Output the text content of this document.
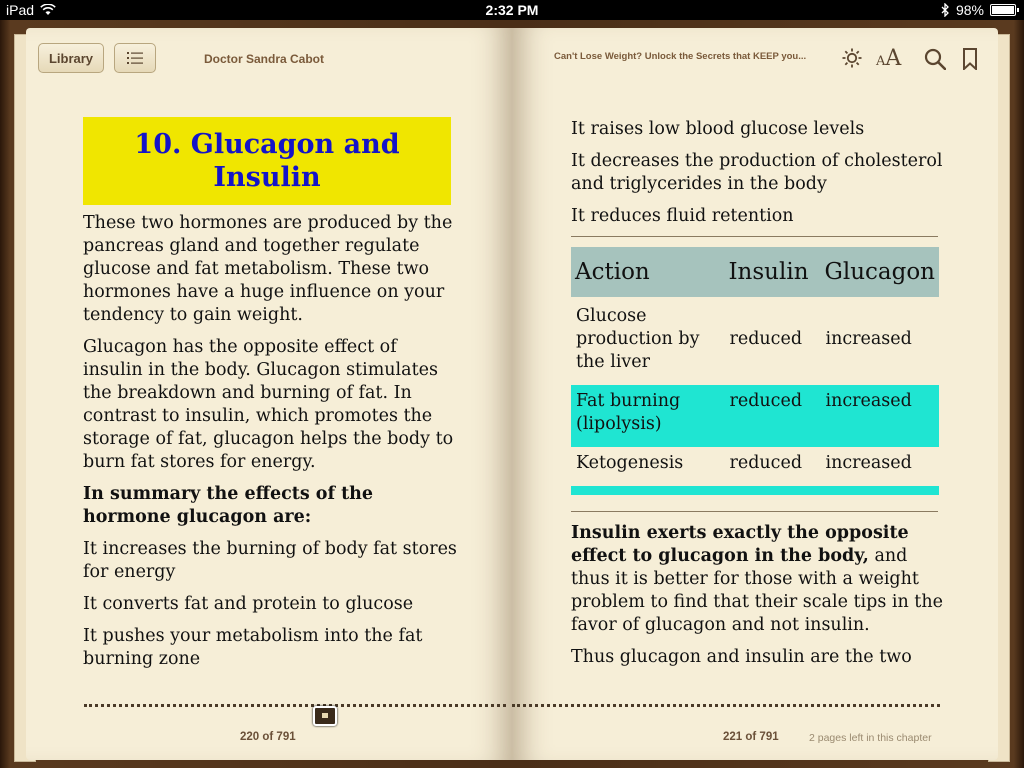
iPad	2:32 PM	98%
Library	Doctor Sandra Cabot
10. Glucagon and
Insulin

These two hormones are produced by the pancreas gland and together regulate glucose and fat metabolism. These two hormones have a huge influence on your tendency to gain weight.

Glucagon has the opposite effect of insulin in the body. Glucagon stimulates the breakdown and burning of fat. In contrast to insulin, which promotes the storage of fat, glucagon helps the body to burn fat stores for energy.

In summary the effects of the hormone glucagon are:

It increases the burning of body fat stores for energy

It converts fat and protein to glucose

It pushes your metabolism into the fat burning zone

220 of 791
Can't Lose Weight? Unlock the Secrets that KEEP you...	AA

It raises low blood glucose levels

It decreases the production of cholesterol and triglycerides in the body

It reduces fluid retention

Action	Insulin	Glucagon

Glucose production by the liver	reduced	increased
Fat burning (lipolysis)	reduced	increased
Ketogenesis	reduced	increased

Insulin exerts exactly the opposite effect to glucagon in the body, and thus it is better for those with a weight problem to find that their scale tips in the favor of glucagon and not insulin.

Thus glucagon and insulin are the two

221 of 791	2 pages left in this chapter
